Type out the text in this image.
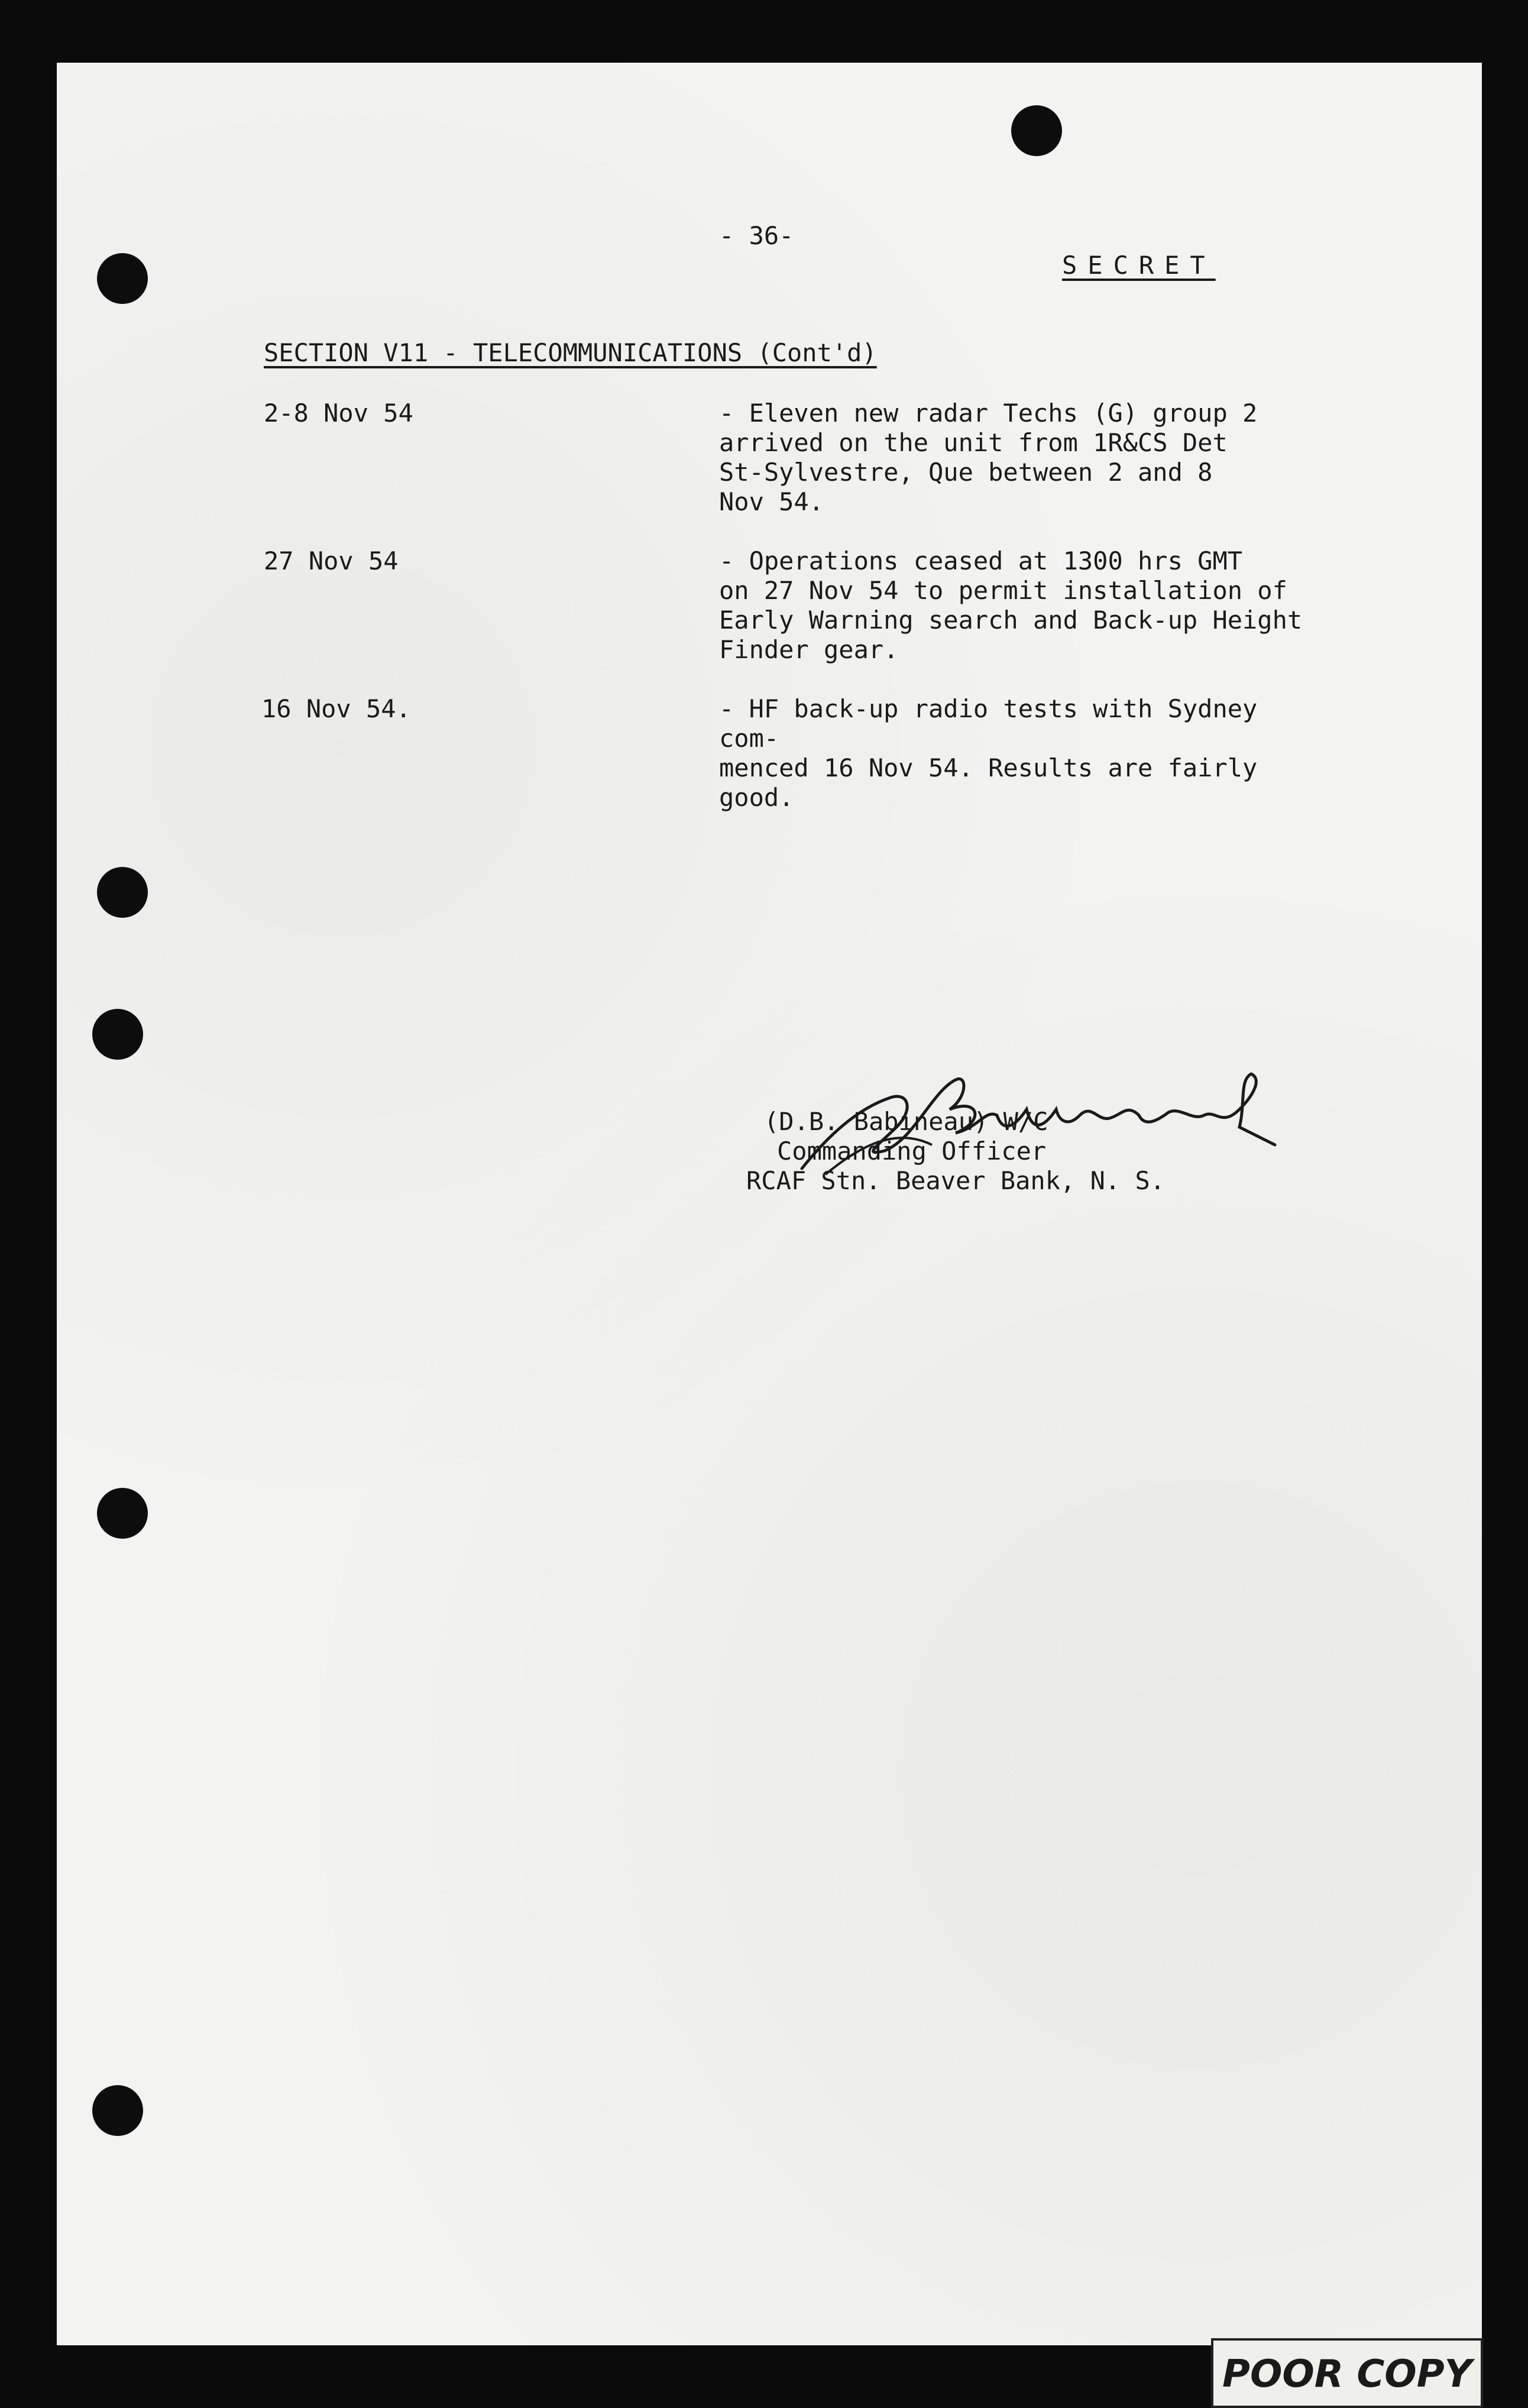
- 36-
SECRET
SECTION V11 - TELECOMMUNICATIONS (Cont'd)
2-8 Nov 54	- Eleven new radar Techs (G) group 2
arrived on the unit from 1R&CS Det
St-Sylvestre, Que between 2 and 8
Nov 54.
27 Nov 54	- Operations ceased at 1300 hrs GMT
on 27 Nov 54 to permit installation of
Early Warning search and Back-up Height
Finder gear.
16 Nov 54.	- HF back-up radio tests with Sydney com-
menced 16 Nov 54. Results are fairly
good.
(D.B. Babineau) W/C
Commanding Officer
RCAF Stn. Beaver Bank, N. S.
POOR COPY
